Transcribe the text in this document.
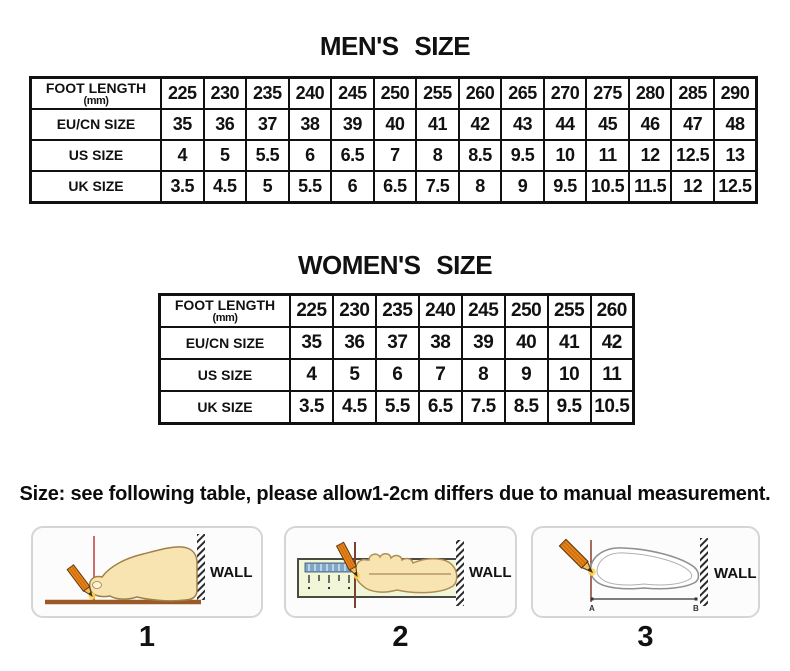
MEN'S SIZE
WOMEN'S SIZE
FOOT LENGTH
(mm)	225	230	235	240	245	250	255	260	265	270	275	280	285	290

EU/CN SIZE	35	36	37	38	39	40	41	42	43	44	45	46	47	48

US SIZE	4	5	5.5	6	6.5	7	8	8.5	9.5	10	11	12	12.5	13

UK SIZE	3.5	4.5	5	5.5	6	6.5	7.5	8	9	9.5	10.5	11.5	12	12.5
FOOT LENGTH
(mm)	225	230	235	240	245	250	255	260

EU/CN SIZE	35	36	37	38	39	40	41	42

US SIZE	4	5	6	7	8	9	10	11

UK SIZE	3.5	4.5	5.5	6.5	7.5	8.5	9.5	10.5
Size: see following table, please allow1-2cm differs due to manual measurement.
WALL	WALL
A	B
WALL
1	2	3
